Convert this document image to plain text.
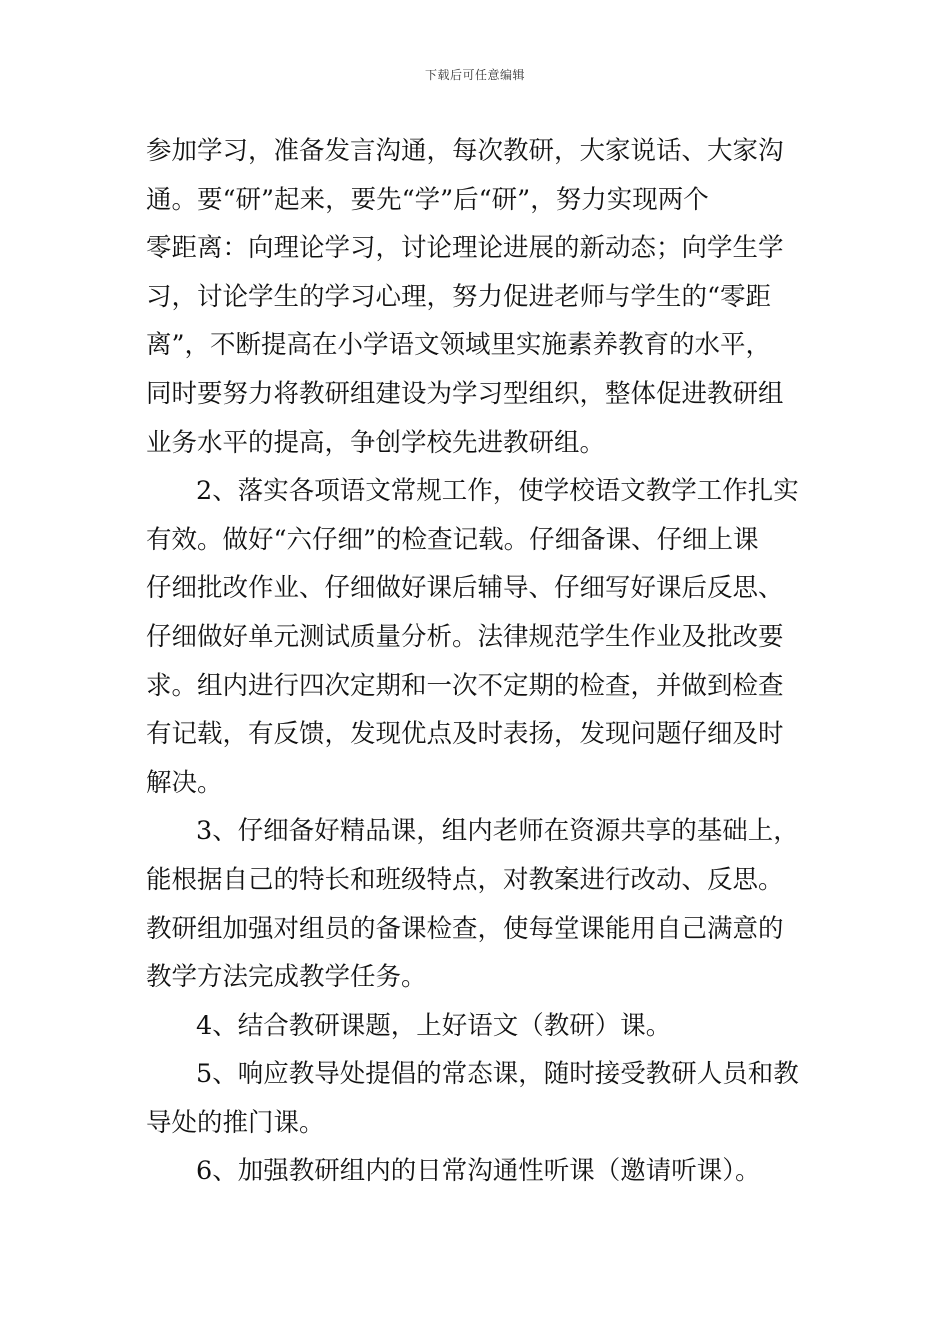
下载后可任意编辑
参加学习，准备发言沟通，每次教研，大家说话、大家沟
通。要“研”起来，要先“学”后“研”，努力实现两个
零距离：向理论学习，讨论理论进展的新动态；向学生学
习，讨论学生的学习心理，努力促进老师与学生的“零距
离”，不断提高在小学语文领域里实施素养教育的水平，
同时要努力将教研组建设为学习型组织，整体促进教研组
业务水平的提高，争创学校先进教研组。
2、落实各项语文常规工作，使学校语文教学工作扎实
有效。做好“六仔细”的检查记载。仔细备课、仔细上课
仔细批改作业、仔细做好课后辅导、仔细写好课后反思、
仔细做好单元测试质量分析。法律规范学生作业及批改要
求。组内进行四次定期和一次不定期的检查，并做到检查
有记载，有反馈，发现优点及时表扬，发现问题仔细及时
解决。
3、仔细备好精品课，组内老师在资源共享的基础上，
能根据自己的特长和班级特点，对教案进行改动、反思。
教研组加强对组员的备课检查，使每堂课能用自己满意的
教学方法完成教学任务。
4、结合教研课题，上好语文（教研）课。
5、响应教导处提倡的常态课，随时接受教研人员和教
导处的推门课。
6、加强教研组内的日常沟通性听课（邀请听课）。
